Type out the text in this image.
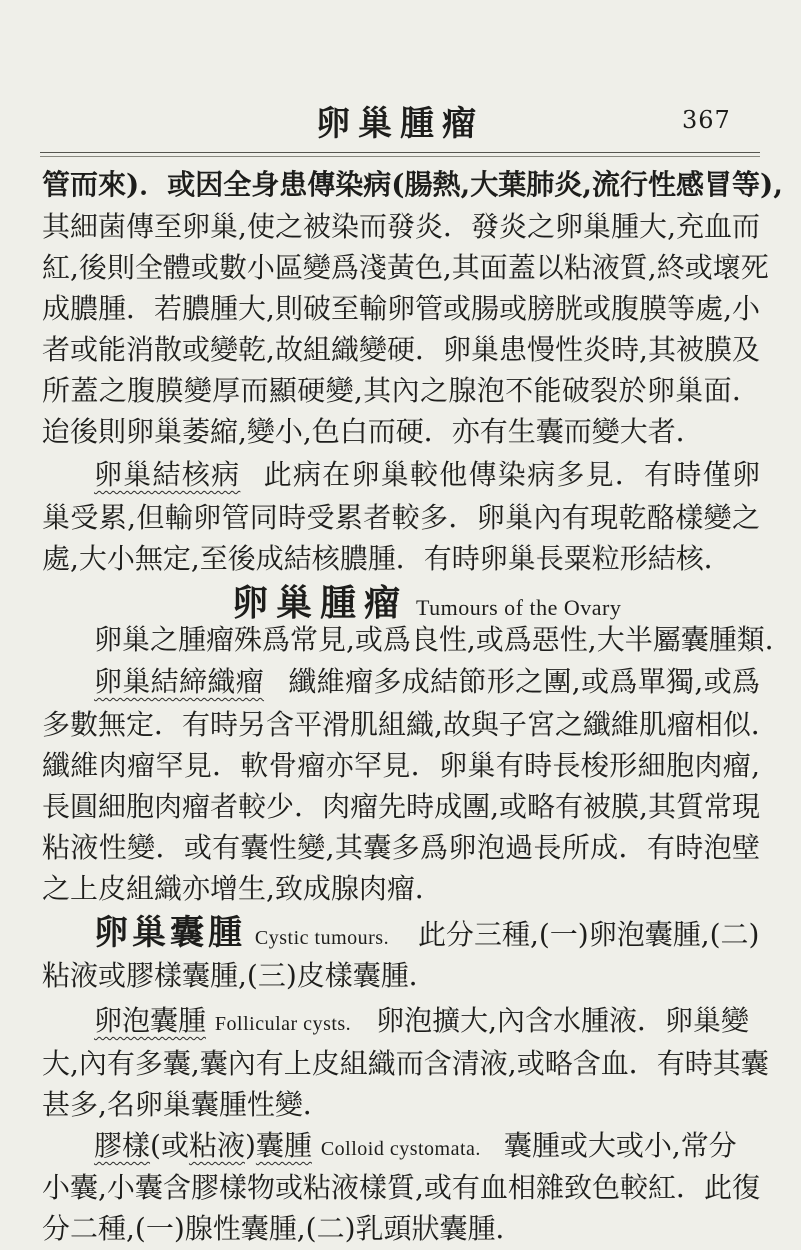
卵巢腫瘤	367
管而來)．或因全身患傳染病(腸熱,大葉肺炎,流行性感冒等),
其細菌傳至卵巢,使之被染而發炎．發炎之卵巢腫大,充血而
紅,後則全體或數小區變爲淺黃色,其面蓋以粘液質,終或壞死
成膿腫．若膿腫大,則破至輸卵管或腸或膀胱或腹膜等處,小
者或能消散或變乾,故組織變硬．卵巢患慢性炎時,其被膜及
所蓋之腹膜變厚而顯硬變,其內之腺泡不能破裂於卵巢面．
迨後則卵巢萎縮,變小,色白而硬．亦有生囊而變大者．
卵巢結核病 此病在卵巢較他傳染病多見．有時僅卵
巢受累,但輸卵管同時受累者較多．卵巢內有現乾酪樣變之
處,大小無定,至後成結核膿腫．有時卵巢長粟粒形結核．
卵巢腫瘤 Tumours of the Ovary
卵巢之腫瘤殊爲常見,或爲良性,或爲惡性,大半屬囊腫類．
卵巢結締織瘤 纖維瘤多成結節形之團,或爲單獨,或爲
多數無定．有時另含平滑肌組織,故與子宮之纖維肌瘤相似．
纖維肉瘤罕見．軟骨瘤亦罕見．卵巢有時長梭形細胞肉瘤,
長圓細胞肉瘤者較少．肉瘤先時成團,或略有被膜,其質常現
粘液性變．或有囊性變,其囊多爲卵泡過長所成．有時泡壁
之上皮組織亦增生,致成腺肉瘤．
卵巢囊腫 Cystic tumours. 此分三種,(一)卵泡囊腫,(二)
粘液或膠樣囊腫,(三)皮樣囊腫．
卵泡囊腫 Follicular cysts. 卵泡擴大,內含水腫液．卵巢變
大,內有多囊,囊內有上皮組織而含清液,或略含血．有時其囊
甚多,名卵巢囊腫性變．
膠樣(或粘液)囊腫 Colloid cystomata. 囊腫或大或小,常分
小囊,小囊含膠樣物或粘液樣質,或有血相雜致色較紅．此復
分二種,(一)腺性囊腫,(二)乳頭狀囊腫．
